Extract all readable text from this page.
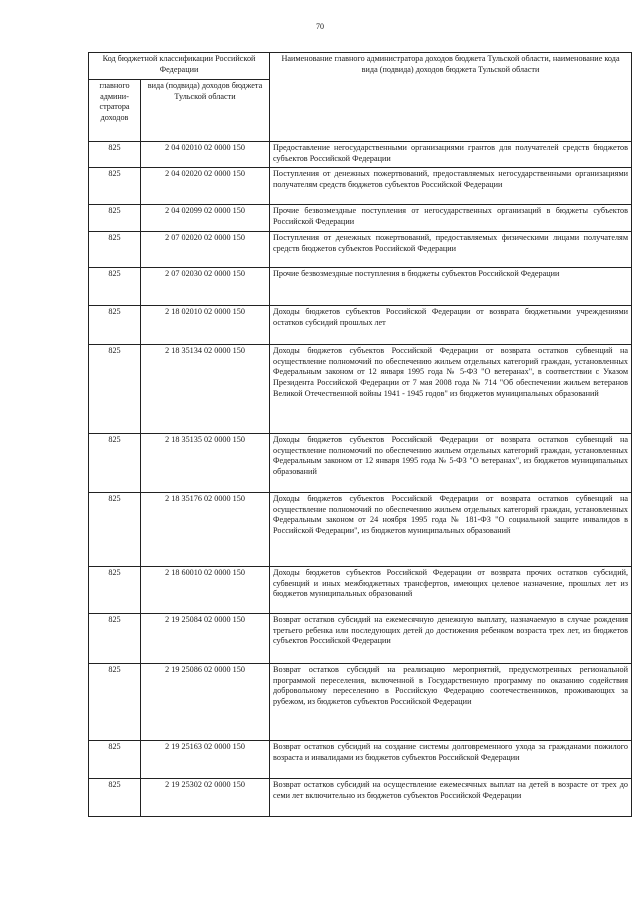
70
Код бюджетной классификации Российской Федерации		Наименование главного администратора доходов бюджета Тульской области, наименование кода вида (подвида) доходов бюджета Тульской области
главного админи-стратора доходов	вида (подвида) доходов бюджета Тульской области	
825	2 04 02010 02 0000 150	Предоставление негосударственными организациями грантов для получателей средств бюджетов субъектов Российской Федерации
825	2 04 02020 02 0000 150	Поступления от денежных пожертвований, предоставляемых негосударственными организациями получателям средств бюджетов субъектов Российской Федерации
825	2 04 02099 02 0000 150	Прочие безвозмездные поступления от негосударственных организаций в бюджеты субъектов Российской Федерации
825	2 07 02020 02 0000 150	Поступления от денежных пожертвований, предоставляемых физическими лицами получателям средств бюджетов субъектов Российской Федерации
825	2 07 02030 02 0000 150	Прочие безвозмездные поступления в бюджеты субъектов Российской Федерации
825	2 18 02010 02 0000 150	Доходы бюджетов субъектов Российской Федерации от возврата бюджетными учреждениями остатков субсидий прошлых лет
825	2 18 35134 02 0000 150	Доходы бюджетов субъектов Российской Федерации от возврата остатков субвенций на осуществление полномочий по обеспечению жильем отдельных категорий граждан, установленных Федеральным законом от 12 января 1995 года № 5-ФЗ "О ветеранах", в соответствии с Указом Президента Российской Федерации от 7 мая 2008 года № 714 "Об обеспечении жильем ветеранов Великой Отечественной войны 1941 - 1945 годов" из бюджетов муниципальных образований
825	2 18 35135 02 0000 150	Доходы бюджетов субъектов Российской Федерации от возврата остатков субвенций на осуществление полномочий по обеспечению жильем отдельных категорий граждан, установленных Федеральным законом от 12 января 1995 года № 5-ФЗ "О ветеранах", из бюджетов муниципальных образований
825	2 18 35176 02 0000 150	Доходы бюджетов субъектов Российской Федерации от возврата остатков субвенций на осуществление полномочий по обеспечению жильем отдельных категорий граждан, установленных Федеральным законом от 24 ноября 1995 года № 181-ФЗ "О социальной защите инвалидов в Российской Федерации", из бюджетов муниципальных образований
825	2 18 60010 02 0000 150	Доходы бюджетов субъектов Российской Федерации от возврата прочих остатков субсидий, субвенций и иных межбюджетных трансфертов, имеющих целевое назначение, прошлых лет из бюджетов муниципальных образований
825	2 19 25084 02 0000 150	Возврат остатков субсидий на ежемесячную денежную выплату, назначаемую в случае рождения третьего ребенка или последующих детей до достижения ребенком возраста трех лет, из бюджетов субъектов Российской Федерации
825	2 19 25086 02 0000 150	Возврат остатков субсидий на реализацию мероприятий, предусмотренных региональной программой переселения, включенной в Государственную программу по оказанию содействия добровольному переселению в Российскую Федерацию соотечественников, проживающих за рубежом, из бюджетов субъектов Российской Федерации
825	2 19 25163 02 0000 150	Возврат остатков субсидий на создание системы долговременного ухода за гражданами пожилого возраста и инвалидами из бюджетов субъектов Российской Федерации
825	2 19 25302 02 0000 150	Возврат остатков субсидий на осуществление ежемесячных выплат на детей в возрасте от трех до семи лет включительно из бюджетов субъектов Российской Федерации
